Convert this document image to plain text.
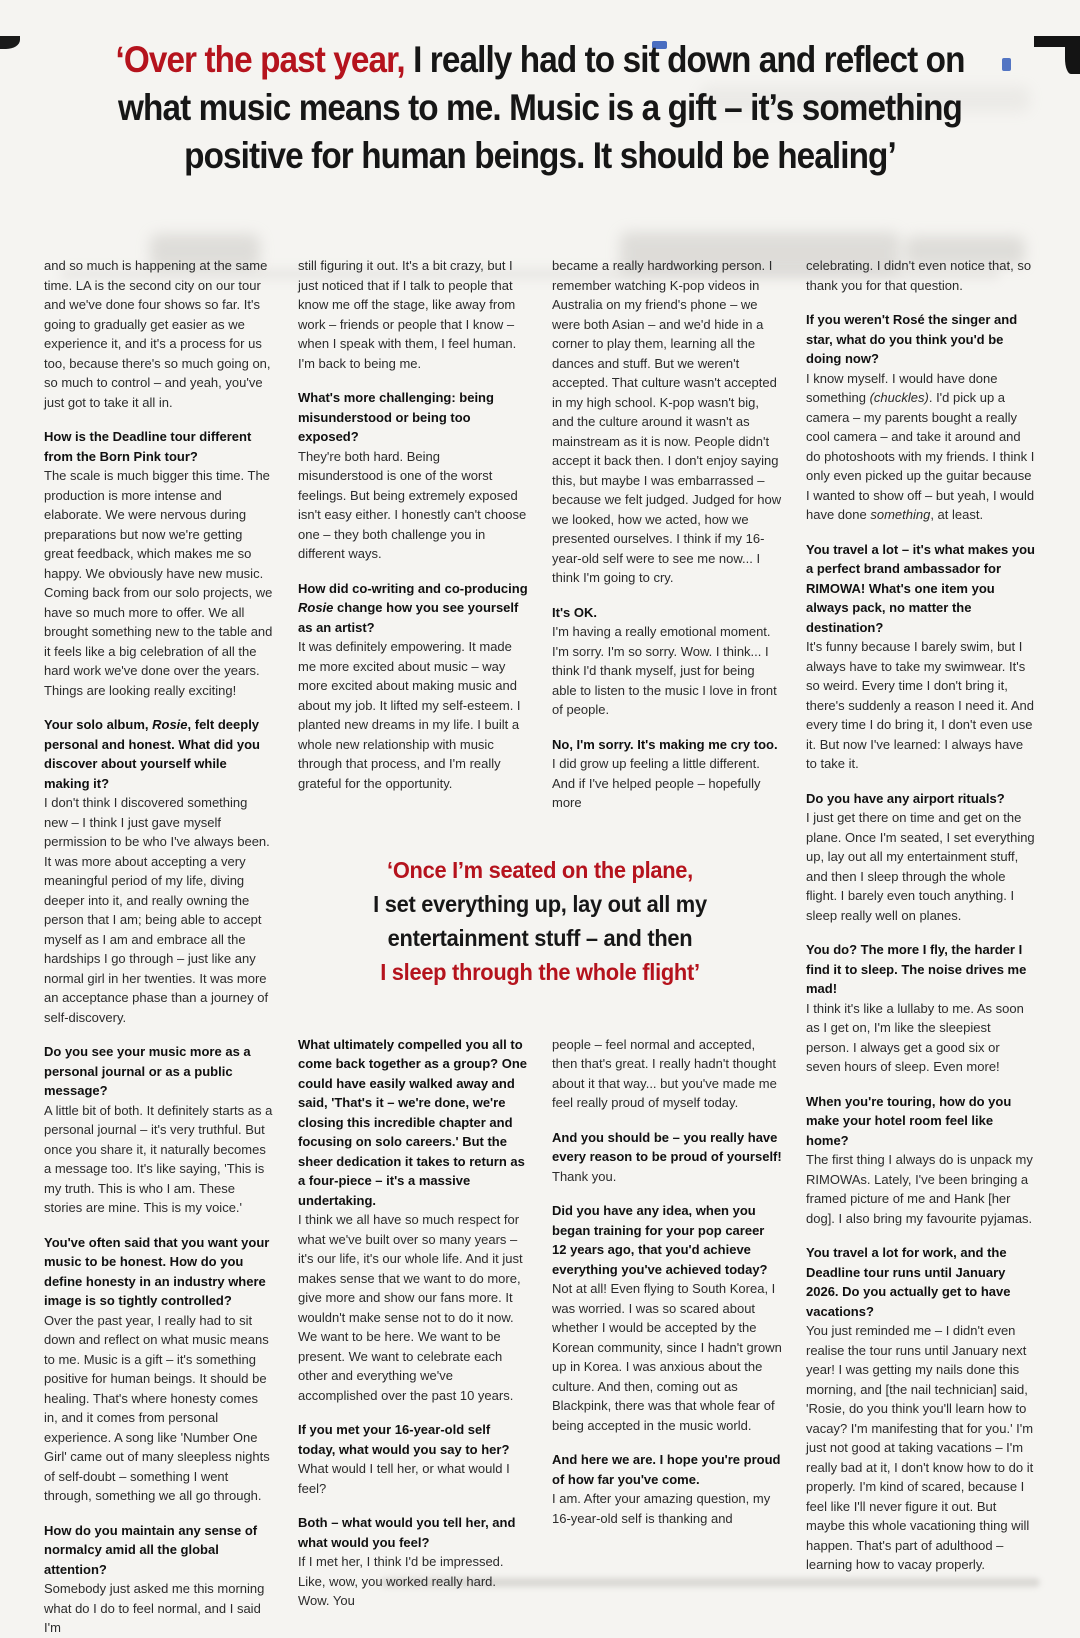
‘Over the past year, I really had to sit down and reflect on
what music means to me. Music is a gift – it’s something
positive for human beings. It should be healing’

and so much is happening at the same time. LA is the second city on our tour and we've done four shows so far. It's going to gradually get easier as we experience it, and it's a process for us too, because there's so much going on, so much to control – and yeah, you've just got to take it all in.

How is the Deadline tour different from the Born Pink tour?

The scale is much bigger this time. The production is more intense and elaborate. We were nervous during preparations but now we're getting great feedback, which makes me so happy. We obviously have new music. Coming back from our solo projects, we have so much more to offer. We all brought something new to the table and it feels like a big celebration of all the hard work we've done over the years. Things are looking really exciting!

Your solo album, Rosie, felt deeply personal and honest. What did you discover about yourself while making it?

I don't think I discovered something new – I think I just gave myself permission to be who I've always been. It was more about accepting a very meaningful period of my life, diving deeper into it, and really owning the person that I am; being able to accept myself as I am and embrace all the hardships I go through – just like any normal girl in her twenties. It was more an acceptance phase than a journey of self-discovery.

Do you see your music more as a personal journal or as a public message?

A little bit of both. It definitely starts as a personal journal – it's very truthful. But once you share it, it naturally becomes a message too. It's like saying, 'This is my truth. This is who I am. These stories are mine. This is my voice.'

You've often said that you want your music to be honest. How do you define honesty in an industry where image is so tightly controlled?

Over the past year, I really had to sit down and reflect on what music means to me. Music is a gift – it's something positive for human beings. It should be healing. That's where honesty comes in, and it comes from personal experience. A song like 'Number One Girl' came out of many sleepless nights of self-doubt – something I went through, something we all go through.

How do you maintain any sense of normalcy amid all the global attention?

Somebody just asked me this morning what do I do to feel normal, and I said I'm

still figuring it out. It's a bit crazy, but I just noticed that if I talk to people that know me off the stage, like away from work – friends or people that I know – when I speak with them, I feel human. I'm back to being me.

What's more challenging: being misunderstood or being too exposed?

They're both hard. Being misunderstood is one of the worst feelings. But being extremely exposed isn't easy either. I honestly can't choose one – they both challenge you in different ways.

How did co-writing and co-producing Rosie change how you see yourself as an artist?

It was definitely empowering. It made me more excited about music – way more excited about making music and about my job. It lifted my self-esteem. I planted new dreams in my life. I built a whole new relationship with music through that process, and I'm really grateful for the opportunity.

became a really hardworking person. I remember watching K-pop videos in Australia on my friend's phone – we were both Asian – and we'd hide in a corner to play them, learning all the dances and stuff. But we weren't accepted. That culture wasn't accepted in my high school. K-pop wasn't big, and the culture around it wasn't as mainstream as it is now. People didn't accept it back then. I don't enjoy saying this, but maybe I was embarrassed – because we felt judged. Judged for how we looked, how we acted, how we presented ourselves. I think if my 16-year-old self were to see me now... I think I'm going to cry.

It's OK.

I'm having a really emotional moment. I'm sorry. I'm so sorry. Wow. I think... I think I'd thank myself, just for being able to listen to the music I love in front of people.

No, I'm sorry. It's making me cry too.

I did grow up feeling a little different. And if I've helped people – hopefully more

‘Once I’m seated on the plane,
I set everything up, lay out all my
entertainment stuff – and then
I sleep through the whole flight’

What ultimately compelled you all to come back together as a group? One could have easily walked away and said, 'That's it – we're done, we're closing this incredible chapter and focusing on solo careers.' But the sheer dedication it takes to return as a four-piece – it's a massive undertaking.

I think we all have so much respect for what we've built over so many years – it's our life, it's our whole life. And it just makes sense that we want to do more, give more and show our fans more. It wouldn't make sense not to do it now. We want to be here. We want to be present. We want to celebrate each other and everything we've accomplished over the past 10 years.

If you met your 16-year-old self today, what would you say to her?

What would I tell her, or what would I feel?

Both – what would you tell her, and what would you feel?

If I met her, I think I'd be impressed. Like, wow, you worked really hard. Wow. You

people – feel normal and accepted, then that's great. I really hadn't thought about it that way... but you've made me feel really proud of myself today.

And you should be – you really have every reason to be proud of yourself!

Thank you.

Did you have any idea, when you began training for your pop career 12 years ago, that you'd achieve everything you've achieved today?

Not at all! Even flying to South Korea, I was worried. I was so scared about whether I would be accepted by the Korean community, since I hadn't grown up in Korea. I was anxious about the culture. And then, coming out as Blackpink, there was that whole fear of being accepted in the music world.

And here we are. I hope you're proud of how far you've come.

I am. After your amazing question, my 16-year-old self is thanking and

celebrating. I didn't even notice that, so thank you for that question.

If you weren't Rosé the singer and star, what do you think you'd be doing now?

I know myself. I would have done something (chuckles). I'd pick up a camera – my parents bought a really cool camera – and take it around and do photoshoots with my friends. I think I only even picked up the guitar because I wanted to show off – but yeah, I would have done something, at least.

You travel a lot – it's what makes you a perfect brand ambassador for RIMOWA! What's one item you always pack, no matter the destination?

It's funny because I barely swim, but I always have to take my swimwear. It's so weird. Every time I don't bring it, there's suddenly a reason I need it. And every time I do bring it, I don't even use it. But now I've learned: I always have to take it.

Do you have any airport rituals?

I just get there on time and get on the plane. Once I'm seated, I set everything up, lay out all my entertainment stuff, and then I sleep through the whole flight. I barely even touch anything. I sleep really well on planes.

You do? The more I fly, the harder I find it to sleep. The noise drives me mad!

I think it's like a lullaby to me. As soon as I get on, I'm like the sleepiest person. I always get a good six or seven hours of sleep. Even more!

When you're touring, how do you make your hotel room feel like home?

The first thing I always do is unpack my RIMOWAs. Lately, I've been bringing a framed picture of me and Hank [her dog]. I also bring my favourite pyjamas.

You travel a lot for work, and the Deadline tour runs until January 2026. Do you actually get to have vacations?

You just reminded me – I didn't even realise the tour runs until January next year! I was getting my nails done this morning, and [the nail technician] said, 'Rosie, do you think you'll learn how to vacay? I'm manifesting that for you.' I'm just not good at taking vacations – I'm really bad at it, I don't know how to do it properly. I'm kind of scared, because I feel like I'll never figure it out. But maybe this whole vacationing thing will happen. That's part of adulthood – learning how to vacay properly.
